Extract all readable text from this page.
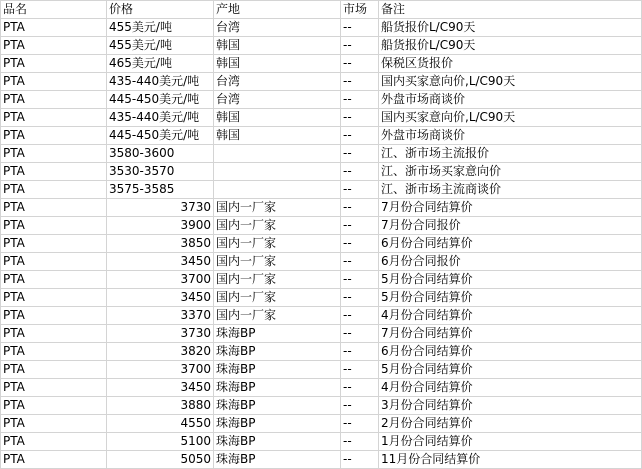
品名	价格	产地	市场	备注
PTA	455美元/吨	台湾	--	船货报价L/C90天
PTA	455美元/吨	韩国	--	船货报价L/C90天
PTA	465美元/吨	韩国	--	保税区货报价
PTA	435-440美元/吨	台湾	--	国内买家意向价,L/C90天
PTA	445-450美元/吨	台湾	--	外盘市场商谈价
PTA	435-440美元/吨	韩国	--	国内买家意向价,L/C90天
PTA	445-450美元/吨	韩国	--	外盘市场商谈价
PTA	3580-3600		--	江、浙市场主流报价
PTA	3530-3570		--	江、浙市场买家意向价
PTA	3575-3585		--	江、浙市场主流商谈价
PTA	3730	国内一厂家	--	7月份合同结算价
PTA	3900	国内一厂家	--	7月份合同报价
PTA	3850	国内一厂家	--	6月份合同结算价
PTA	3450	国内一厂家	--	6月份合同报价
PTA	3700	国内一厂家	--	5月份合同结算价
PTA	3450	国内一厂家	--	5月份合同结算价
PTA	3370	国内一厂家	--	4月份合同结算价
PTA	3730	珠海BP	--	7月份合同结算价
PTA	3820	珠海BP	--	6月份合同结算价
PTA	3700	珠海BP	--	5月份合同结算价
PTA	3450	珠海BP	--	4月份合同结算价
PTA	3880	珠海BP	--	3月份合同结算价
PTA	4550	珠海BP	--	2月份合同结算价
PTA	5100	珠海BP	--	1月份合同结算价
PTA	5050	珠海BP	--	11月份合同结算价
